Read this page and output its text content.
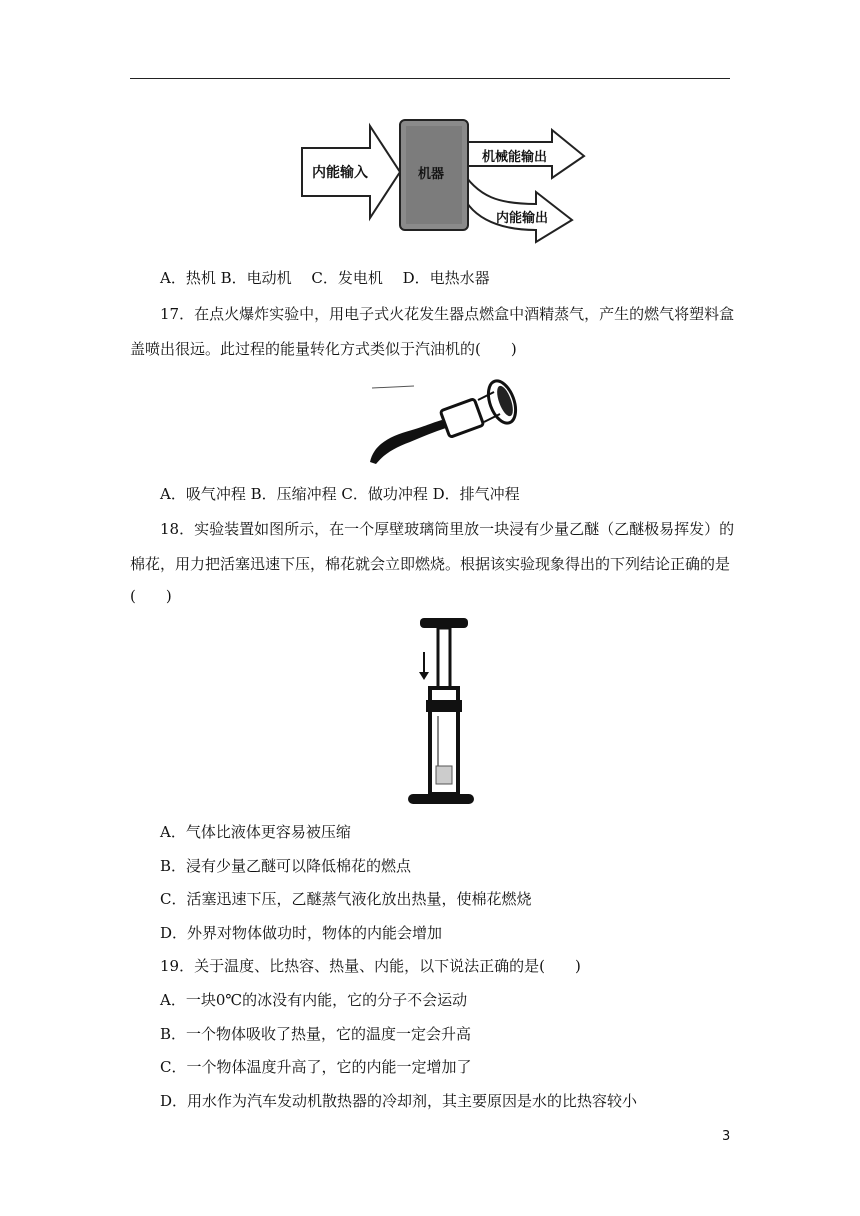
内能输入
机械能输出
内能输出
机器
A．热机 B．电动机　 C．发电机　 D．电热水器
17．在点火爆炸实验中，用电子式火花发生器点燃盒中酒精蒸气，产生的燃气将塑料盒
盖喷出很远。此过程的能量转化方式类似于汽油机的(　　)
A．吸气冲程 B．压缩冲程 C．做功冲程 D．排气冲程
18．实验装置如图所示，在一个厚壁玻璃筒里放一块浸有少量乙醚（乙醚极易挥发）的
棉花，用力把活塞迅速下压，棉花就会立即燃烧。根据该实验现象得出的下列结论正确的是
(　　)
A．气体比液体更容易被压缩
B．浸有少量乙醚可以降低棉花的燃点
C．活塞迅速下压，乙醚蒸气液化放出热量，使棉花燃烧
D．外界对物体做功时，物体的内能会增加
19．关于温度、比热容、热量、内能，以下说法正确的是(　　)
A．一块0℃的冰没有内能，它的分子不会运动
B．一个物体吸收了热量，它的温度一定会升高
C．一个物体温度升高了，它的内能一定增加了
D．用水作为汽车发动机散热器的冷却剂，其主要原因是水的比热容较小
3
